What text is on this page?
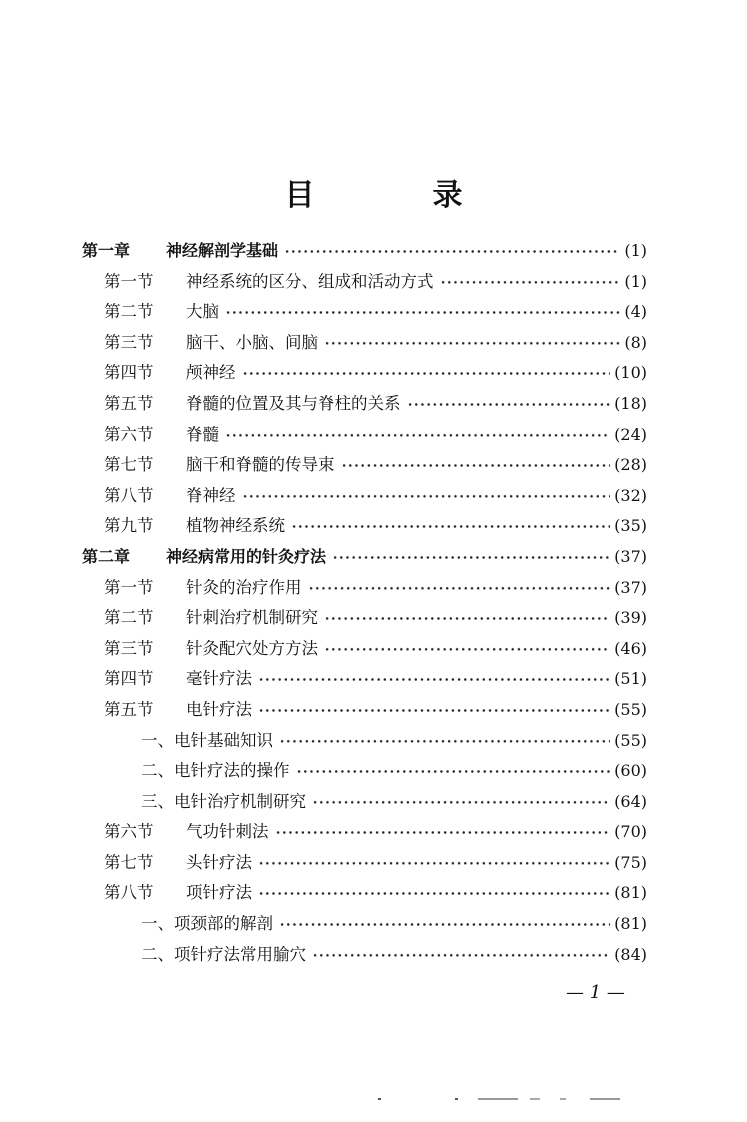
目　录
第一章 神经解剖学基础	(1)
第一节 神经系统的区分、组成和活动方式	(1)
第二节 大脑	(4)
第三节 脑干、小脑、间脑	(8)
第四节 颅神经	(10)
第五节 脊髓的位置及其与脊柱的关系	(18)
第六节 脊髓	(24)
第七节 脑干和脊髓的传导束	(28)
第八节 脊神经	(32)
第九节 植物神经系统	(35)
第二章 神经病常用的针灸疗法	(37)
第一节 针灸的治疗作用	(37)
第二节 针刺治疗机制研究	(39)
第三节 针灸配穴处方方法	(46)
第四节 毫针疗法	(51)
第五节 电针疗法	(55)
一、电针基础知识	(55)
二、电针疗法的操作	(60)
三、电针治疗机制研究	(64)
第六节 气功针刺法	(70)
第七节 头针疗法	(75)
第八节 项针疗法	(81)
一、项颈部的解剖	(81)
二、项针疗法常用腧穴	(84)
— 1 —
